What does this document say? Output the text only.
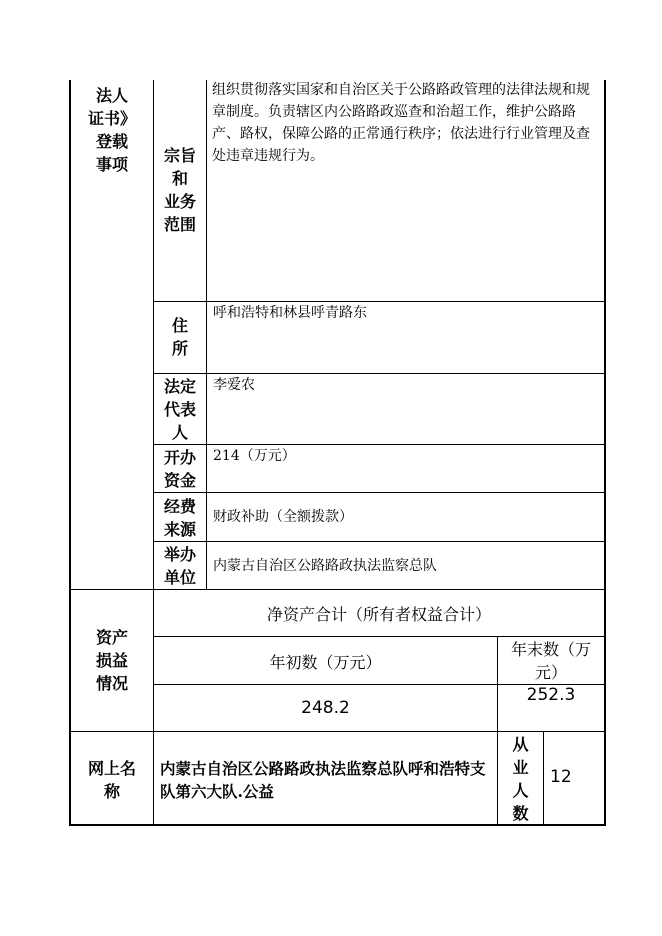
法人
证书》
登载
事项	宗旨
和
业务
范围
组织贯彻落实国家和自治区关于公路路政管理的法律法规和规章制度。负责辖区内公路路政巡查和治超工作，维护公路路产、路权，保障公路的正常通行秩序；依法进行行业管理及查处违章违规行为。
住
所
呼和浩特和林县呼青路东
法定
代表
人
李爱农
开办
资金
214（万元）
经费
来源
财政补助（全额拨款）
举办
单位
内蒙古自治区公路路政执法监察总队
资产
损益
情况
净资产合计（所有者权益合计）
年初数（万元）
年末数（万元）
248.2
252.3
网上名
称
内蒙古自治区公路路政执法监察总队呼和浩特支队第六大队.公益
从
业
人
数
12
